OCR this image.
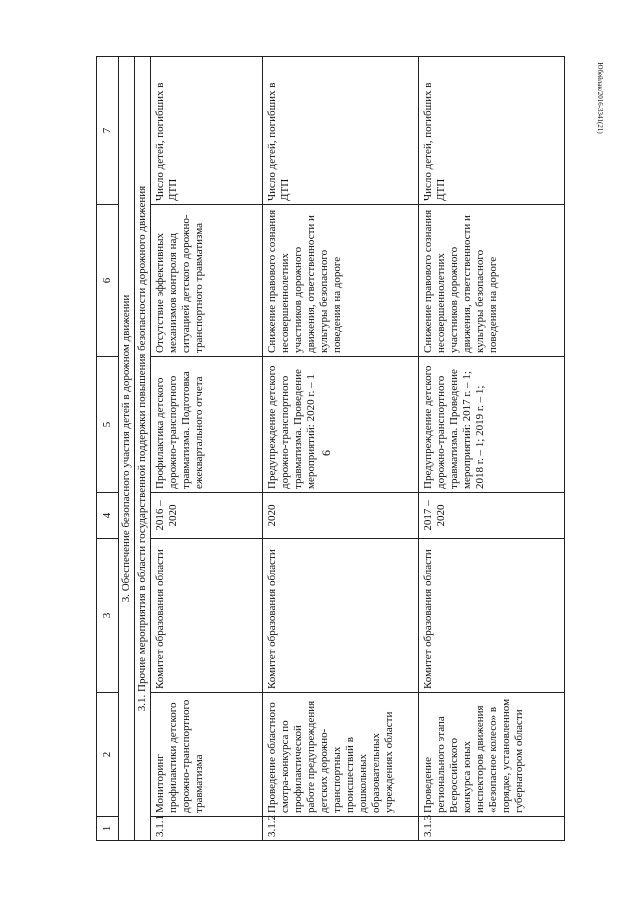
9
Юбейлак/2016-3341(21)
1	2	3	4	5	6	7
3. Обеспечение безопасного участия детей в дорожном движении						
3.1. Прочие мероприятия в области государственной поддержки повышения безопасности дорожного движения						
3.1.1	Мониторинг профилактики детского дорожно-транспортного травматизма	Комитет образования области	2016 – 2020	Профилактика детского дорожно-транспортного травматизма. Подготовка ежеквартального отчета	Отсутствие эффективных механизмов контроля над ситуацией детского дорожно-транспортного травматизма	Число детей, погибших в ДТП
3.1.2	Проведение областного смотра-конкурса по профилактической работе предупреждения детских дорожно-транспортных происшествий в дошкольных образовательных учреждениях области	Комитет образования области	2020	Предупреждение детского дорожно-транспортного травматизма. Проведение мероприятий: 2020 г. – 1	Снижение правового сознания несовершеннолетних участников дорожного движения, ответственности и культуры безопасного поведения на дороге	Число детей, погибших в ДТП
3.1.3	Проведение регионального этапа Всероссийского конкурса юных инспекторов движения «Безопасное колесо» в порядке, установленном губернатором области	Комитет образования области	2017 – 2020	Предупреждение детского дорожно-транспортного травматизма. Проведение мероприятий: 2017 г. – 1; 2018 г. – 1; 2019 г. – 1;	Снижение правового сознания несовершеннолетних участников дорожного движения, ответственности и культуры безопасного поведения на дороге	Число детей, погибших в ДТП
